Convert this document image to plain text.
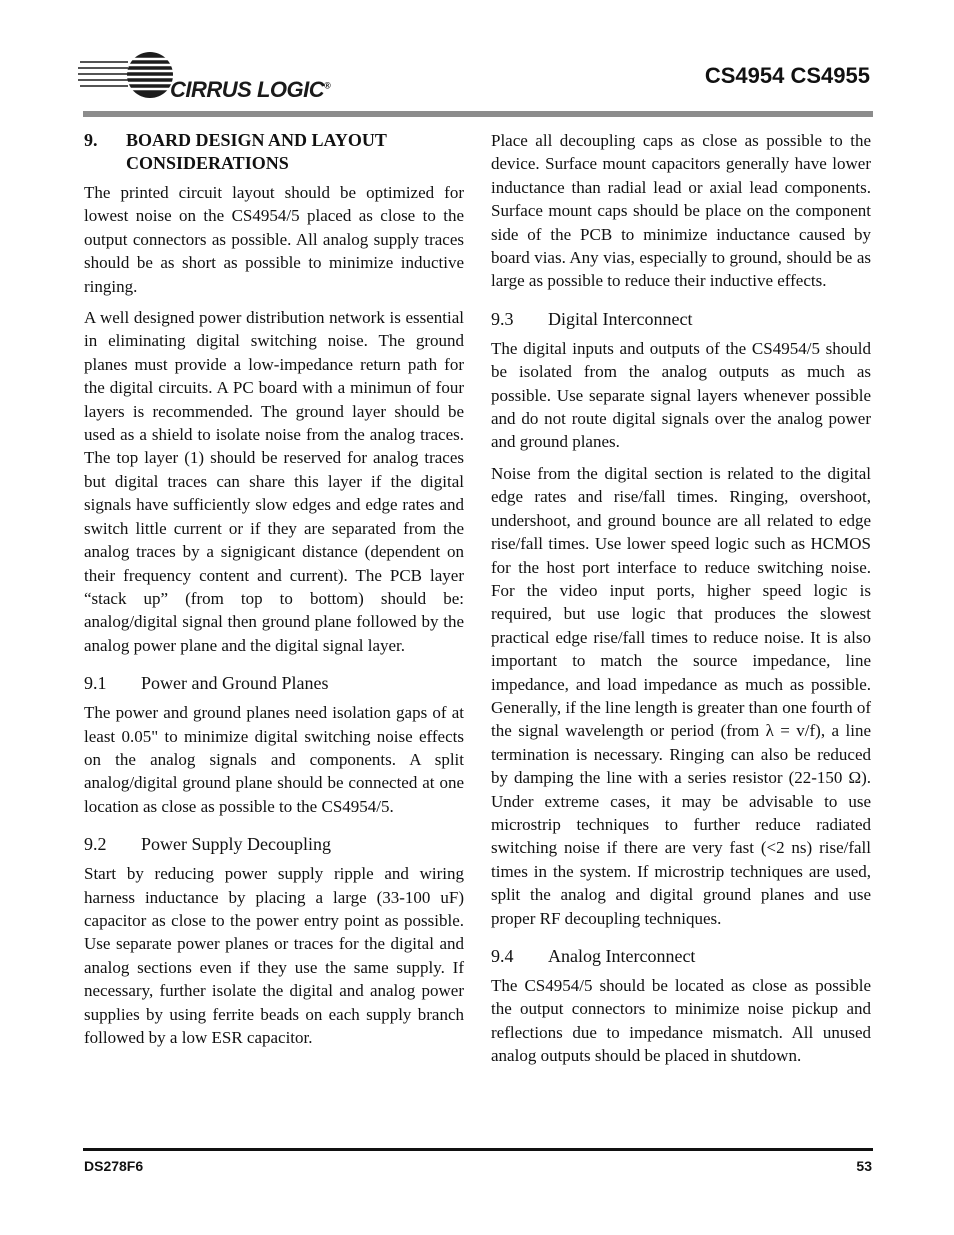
CIRRUS LOGIC®	CS4954 CS4955
9.	BOARD DESIGN AND LAYOUT CONSIDERATIONS

The printed circuit layout should be optimized for lowest noise on the CS4954/5 placed as close to the output connectors as possible. All analog supply traces should be as short as possible to minimize inductive ringing.

A well designed power distribution network is essential in eliminating digital switching noise. The ground planes must provide a low-impedance return path for the digital circuits. A PC board with a minimun of four layers is recommended. The ground layer should be used as a shield to isolate noise from the analog traces. The top layer (1) should be reserved for analog traces but digital traces can share this layer if the digital signals have sufficiently slow edges and edge rates and switch little current or if they are separated from the analog traces by a signigicant distance (dependent on their frequency content and current). The PCB layer “stack up” (from top to bottom) should be: analog/digital signal then ground plane followed by the analog power plane and the digital signal layer.

9.1	Power and Ground Planes

The power and ground planes need isolation gaps of at least 0.05" to minimize digital switching noise effects on the analog signals and components. A split analog/digital ground plane should be connected at one location as close as possible to the CS4954/5.

9.2	Power Supply Decoupling

Start by reducing power supply ripple and wiring harness inductance by placing a large (33-100 uF) capacitor as close to the power entry point as possible. Use separate power planes or traces for the digital and analog sections even if they use the same supply. If necessary, further isolate the digital and analog power supplies by using ferrite beads on each supply branch followed by a low ESR capacitor.

Place all decoupling caps as close as possible to the device. Surface mount capacitors generally have lower inductance than radial lead or axial lead components. Surface mount caps should be place on the component side of the PCB to minimize inductance caused by board vias. Any vias, especially to ground, should be as large as possible to reduce their inductive effects.

9.3	Digital Interconnect

The digital inputs and outputs of the CS4954/5 should be isolated from the analog outputs as much as possible. Use separate signal layers whenever possible and do not route digital signals over the analog power and ground planes.

Noise from the digital section is related to the digital edge rates and rise/fall times. Ringing, overshoot, undershoot, and ground bounce are all related to edge rise/fall times. Use lower speed logic such as HCMOS for the host port interface to reduce switching noise. For the video input ports, higher speed logic is required, but use logic that produces the slowest practical edge rise/fall times to reduce noise. It is also important to match the source impedance, line impedance, and load impedance as much as possible. Generally, if the line length is greater than one fourth of the signal wavelength or period (from λ = v/f), a line termination is necessary. Ringing can also be reduced by damping the line with a series resistor (22-150 Ω). Under extreme cases, it may be advisable to use microstrip techniques to further reduce radiated switching noise if there are very fast (<2 ns) rise/fall times in the system. If microstrip techniques are used, split the analog and digital ground planes and use proper RF decoupling techniques.

9.4	Analog Interconnect

The CS4954/5 should be located as close as possible the output connectors to minimize noise pickup and reflections due to impedance mismatch. All unused analog outputs should be placed in shutdown.

DS278F6	53
